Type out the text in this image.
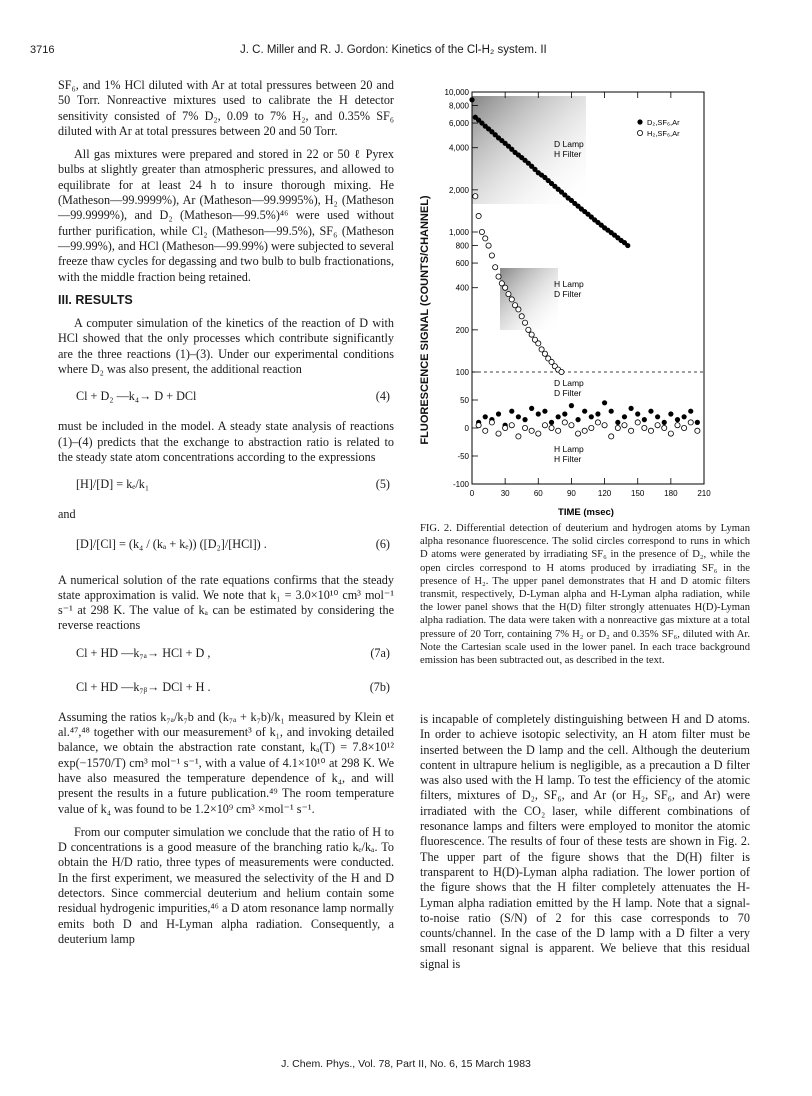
3716	J. C. Miller and R. J. Gordon: Kinetics of the Cl-H₂ system. II

SF₆, and 1% HCl diluted with Ar at total pressures between 20 and 50 Torr. Nonreactive mixtures used to calibrate the H detector sensitivity consisted of 7% D₂, 0.09 to 7% H₂, and 0.35% SF₆ diluted with Ar at total pressures between 20 and 50 Torr.

All gas mixtures were prepared and stored in 22 or 50 ℓ Pyrex bulbs at slightly greater than atmospheric pressures, and allowed to equilibrate for at least 24 h to insure thorough mixing. He (Matheson—99.9999%), Ar (Matheson—99.9995%), H₂ (Matheson—99.9999%), and D₂ (Matheson—99.5%)⁴⁶ were used without further purification, while Cl₂ (Matheson—99.5%), SF₆ (Matheson—99.99%), and HCl (Matheson—99.99%) were subjected to several freeze thaw cycles for degassing and two bulb to bulb fractionations, with the middle fraction being retained.

III. RESULTS

A computer simulation of the kinetics of the reaction of D with HCl showed that the only processes which contribute significantly are the three reactions (1)–(3). Under our experimental conditions where D₂ was also present, the additional reaction

Cl + D₂ —k₄→ D + DCl	(4)

must be included in the model. A steady state analysis of reactions (1)–(4) predicts that the exchange to abstraction ratio is related to the steady state atom concentrations according to the expressions

[H]/[D] = kₑ/k₁	(5)
and
[D]/[Cl] = (k₄ / (kₐ + kₑ)) ([D₂]/[HCl]) .	(6)

A numerical solution of the rate equations confirms that the steady state approximation is valid. We note that k₁ = 3.0×10¹⁰ cm³ mol⁻¹ s⁻¹ at 298 K. The value of kₐ can be estimated by considering the reverse reactions

Cl + HD —k₇ₐ→ HCl + D ,	(7a)
Cl + HD —k₇ᵦ→ DCl + H .	(7b)

Assuming the ratios k₇ₐ/k₇b and (k₇ₐ + k₇b)/k₁ measured by Klein et al.⁴⁷,⁴⁸ together with our measurement³ of k₁, and invoking detailed balance, we obtain the abstraction rate constant, kₐ(T) = 7.8×10¹² exp(−1570/T) cm³ mol⁻¹ s⁻¹, with a value of 4.1×10¹⁰ at 298 K. We have also measured the temperature dependence of k₄, and will present the results in a future publication.⁴⁹ The room temperature value of k₄ was found to be 1.2×10⁹ cm³ ×mol⁻¹ s⁻¹.

From our computer simulation we conclude that the ratio of H to D concentrations is a good measure of the branching ratio kₑ/kₐ. To obtain the H/D ratio, three types of measurements were conducted. In the first experiment, we measured the selectivity of the H and D detectors. Since commercial deuterium and helium contain some residual hydrogenic impurities,⁴⁶ a D atom resonance lamp normally emits both D and H-Lyman alpha radiation. Consequently, a deuterium lamp

FLUORESCENCE SIGNAL (COUNTS/CHANNEL)
10,000
8,000
6,000
4,000
2,000
1,000
800
600
400
200
100
50
0
-50
-100
0	30	60	90	120 150 180 210
D₂,SF₆,Ar
H₂,SF₆,Ar
D Lamp
H Filter
H Lamp
D Filter
D Lamp
D Filter
H Lamp
H Filter
TIME (msec)
FIG. 2. Differential detection of deuterium and hydrogen atoms by Lyman alpha resonance fluorescence. The solid circles correspond to runs in which D atoms were generated by irradiating SF₆ in the presence of D₂, while the open circles correspond to H atoms produced by irradiating SF₆ in the presence of H₂. The upper panel demonstrates that H and D atomic filters transmit, respectively, D-Lyman alpha and H-Lyman alpha radiation, while the lower panel shows that the H(D) filter strongly attenuates H(D)-Lyman alpha radiation. The data were taken with a nonreactive gas mixture at a total pressure of 20 Torr, containing 7% H₂ or D₂ and 0.35% SF₆, diluted with Ar. Note the Cartesian scale used in the lower panel. In each trace background emission has been subtracted out, as described in the text.

is incapable of completely distinguishing between H and D atoms. In order to achieve isotopic selectivity, an H atom filter must be inserted between the D lamp and the cell. Although the deuterium content in ultrapure helium is negligible, as a precaution a D filter was also used with the H lamp. To test the efficiency of the atomic filters, mixtures of D₂, SF₆, and Ar (or H₂, SF₆, and Ar) were irradiated with the CO₂ laser, while different combinations of resonance lamps and filters were employed to monitor the atomic fluorescence. The results of four of these tests are shown in Fig. 2. The upper part of the figure shows that the D(H) filter is transparent to H(D)-Lyman alpha radiation. The lower portion of the figure shows that the H filter completely attenuates the H-Lyman alpha radiation emitted by the H lamp. Note that a signal-to-noise ratio (S/N) of 2 for this case corresponds to 70 counts/channel. In the case of the D lamp with a D filter a very small resonant signal is apparent. We believe that this residual signal is

J. Chem. Phys., Vol. 78, Part II, No. 6, 15 March 1983
